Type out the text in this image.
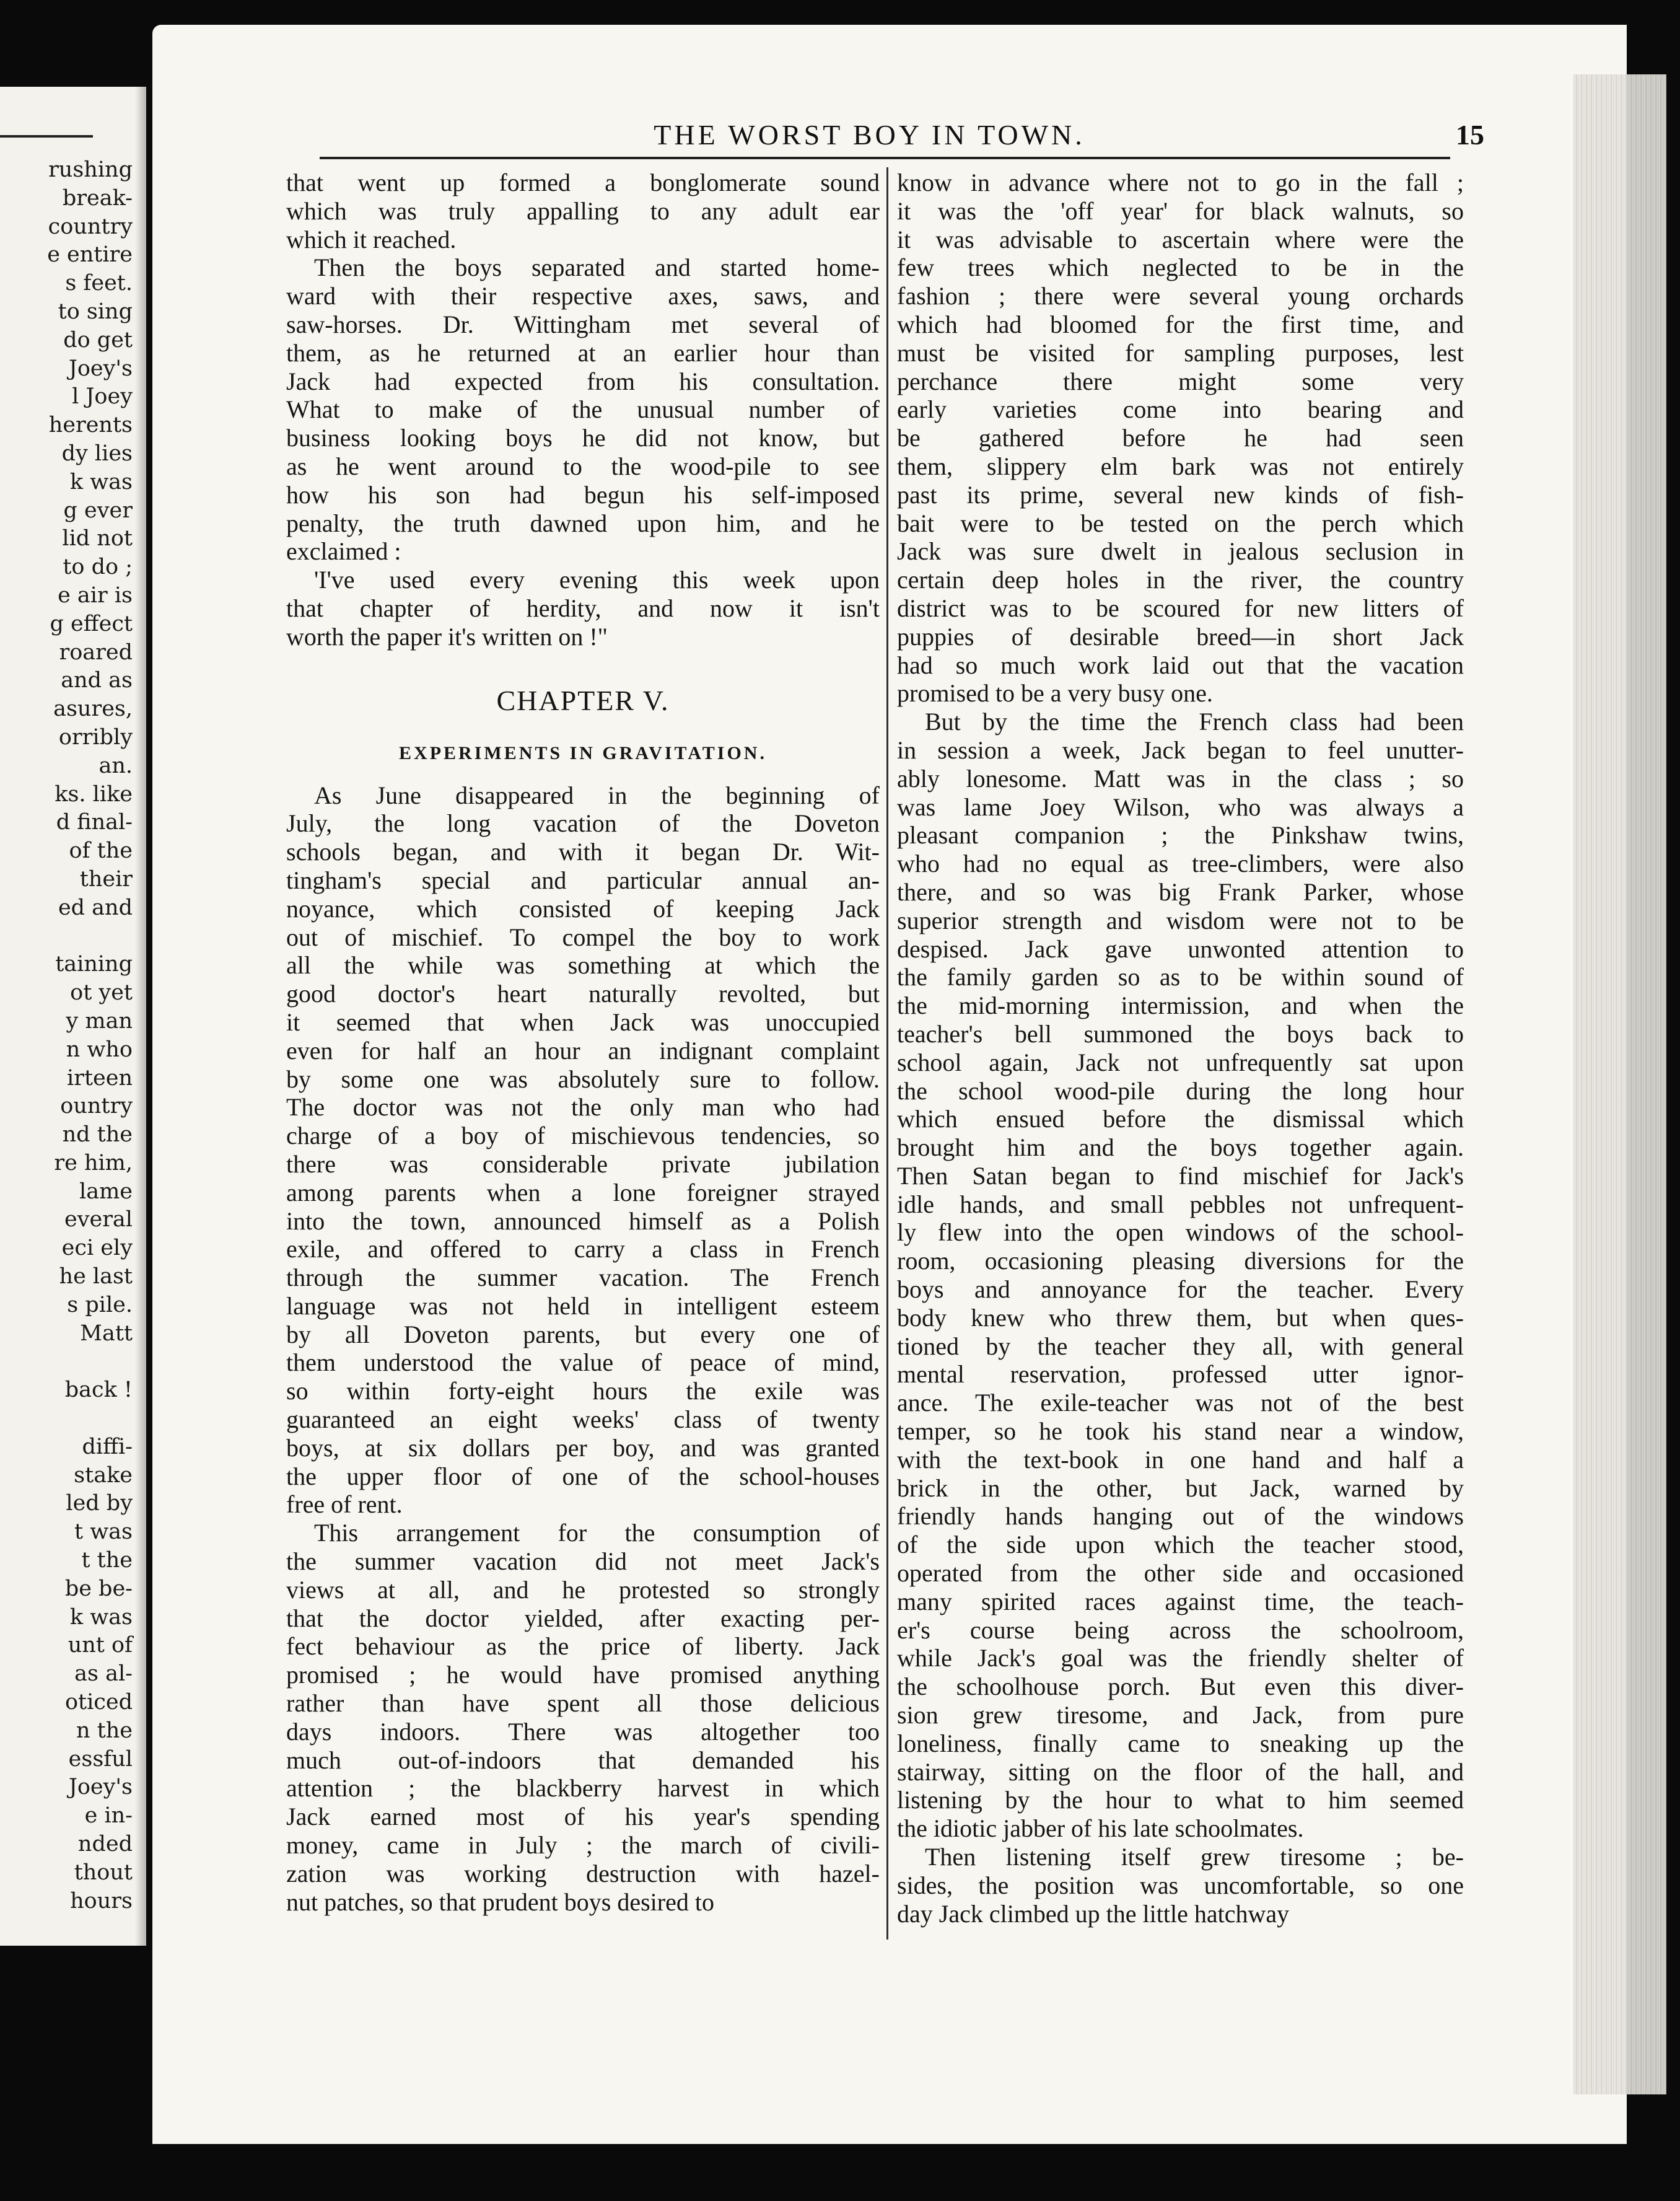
rushing
break-
country
e entire
s feet.
to sing
do get
Joey's
l Joey
herents
dy lies
k was
g ever
lid not
to do ;
e air is
g effect
roared
and as
asures,
orribly
an.
ks. like
d final-
of the
their
ed and
taining
ot yet
y man
n who
irteen
ountry
nd the
re him,
lame
everal
eci ely
he last
s pile.
Matt
back !
diffi-
stake
led by
t was
t the
be be-
k was
unt of
as al-
oticed
n the
essful
Joey's
e in-
nded
thout
hours
THE WORST BOY IN TOWN.	15

that went up formed a bonglomerate sound
which was truly appalling to any adult ear
which it reached.

Then the boys separated and started home-
ward with their respective axes, saws, and
saw-horses. Dr. Wittingham met several of
them, as he returned at an earlier hour than
Jack had expected from his consultation.
What to make of the unusual number of
business looking boys he did not know, but
as he went around to the wood-pile to see
how his son had begun his self-imposed
penalty, the truth dawned upon him, and he
exclaimed :

'I've used every evening this week upon
that chapter of herdity, and now it isn't
worth the paper it's written on !"

CHAPTER V.
EXPERIMENTS IN GRAVITATION.

As June disappeared in the beginning of
July, the long vacation of the Doveton
schools began, and with it began Dr. Wit-
tingham's special and particular annual an-
noyance, which consisted of keeping Jack
out of mischief. To compel the boy to work
all the while was something at which the
good doctor's heart naturally revolted, but
it seemed that when Jack was unoccupied
even for half an hour an indignant complaint
by some one was absolutely sure to follow.
The doctor was not the only man who had
charge of a boy of mischievous tendencies, so
there was considerable private jubilation
among parents when a lone foreigner strayed
into the town, announced himself as a Polish
exile, and offered to carry a class in French
through the summer vacation. The French
language was not held in intelligent esteem
by all Doveton parents, but every one of
them understood the value of peace of mind,
so within forty-eight hours the exile was
guaranteed an eight weeks' class of twenty
boys, at six dollars per boy, and was granted
the upper floor of one of the school-houses
free of rent.

This arrangement for the consumption of
the summer vacation did not meet Jack's
views at all, and he protested so strongly
that the doctor yielded, after exacting per-
fect behaviour as the price of liberty. Jack
promised ; he would have promised anything
rather than have spent all those delicious
days indoors. There was altogether too
much out-of-indoors that demanded his
attention ; the blackberry harvest in which
Jack earned most of his year's spending
money, came in July ; the march of civili-
zation was working destruction with hazel-
nut patches, so that prudent boys desired to

know in advance where not to go in the fall ;
it was the 'off year' for black walnuts, so
it was advisable to ascertain where were the
few trees which neglected to be in the
fashion ; there were several young orchards
which had bloomed for the first time, and
must be visited for sampling purposes, lest
perchance there might some very
early varieties come into bearing and
be gathered before he had seen
them, slippery elm bark was not entirely
past its prime, several new kinds of fish-
bait were to be tested on the perch which
Jack was sure dwelt in jealous seclusion in
certain deep holes in the river, the country
district was to be scoured for new litters of
puppies of desirable breed—in short Jack
had so much work laid out that the vacation
promised to be a very busy one.

But by the time the French class had been
in session a week, Jack began to feel unutter-
ably lonesome. Matt was in the class ; so
was lame Joey Wilson, who was always a
pleasant companion ; the Pinkshaw twins,
who had no equal as tree-climbers, were also
there, and so was big Frank Parker, whose
superior strength and wisdom were not to be
despised. Jack gave unwonted attention to
the family garden so as to be within sound of
the mid-morning intermission, and when the
teacher's bell summoned the boys back to
school again, Jack not unfrequently sat upon
the school wood-pile during the long hour
which ensued before the dismissal which
brought him and the boys together again.
Then Satan began to find mischief for Jack's
idle hands, and small pebbles not unfrequent-
ly flew into the open windows of the school-
room, occasioning pleasing diversions for the
boys and annoyance for the teacher. Every
body knew who threw them, but when ques-
tioned by the teacher they all, with general
mental reservation, professed utter ignor-
ance. The exile-teacher was not of the best
temper, so he took his stand near a window,
with the text-book in one hand and half a
brick in the other, but Jack, warned by
friendly hands hanging out of the windows
of the side upon which the teacher stood,
operated from the other side and occasioned
many spirited races against time, the teach-
er's course being across the schoolroom,
while Jack's goal was the friendly shelter of
the schoolhouse porch. But even this diver-
sion grew tiresome, and Jack, from pure
loneliness, finally came to sneaking up the
stairway, sitting on the floor of the hall, and
listening by the hour to what to him seemed
the idiotic jabber of his late schoolmates.

Then listening itself grew tiresome ; be-
sides, the position was uncomfortable, so one
day Jack climbed up the little hatchway
